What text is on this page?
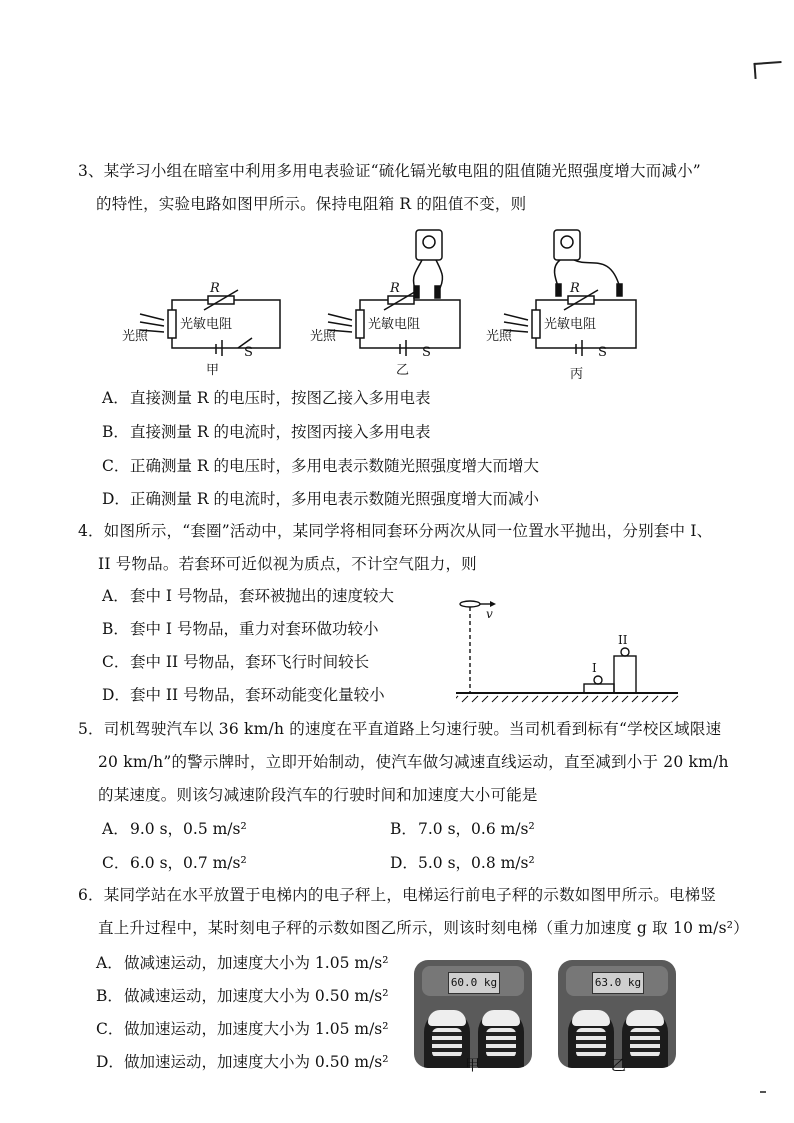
3、某学习小组在暗室中利用多用电表验证“硫化镉光敏电阻的阻值随光照强度增大而减小”
的特性，实验电路如图甲所示。保持电阻箱 R 的阻值不变，则
光照
光敏电阻
R
S
甲
光照
光敏电阻
R
S
乙
光照
光敏电阻
R
S
丙
A．直接测量 R 的电压时，按图乙接入多用电表
B．直接测量 R 的电流时，按图丙接入多用电表
C．正确测量 R 的电压时，多用电表示数随光照强度增大而增大
D．正确测量 R 的电流时，多用电表示数随光照强度增大而减小
4．如图所示，“套圈”活动中，某同学将相同套环分两次从同一位置水平抛出，分别套中 I、
II 号物品。若套环可近似视为质点，不计空气阻力，则
A．套中 I 号物品，套环被抛出的速度较大
B．套中 I 号物品，重力对套环做功较小
C．套中 II 号物品，套环飞行时间较长
D．套中 II 号物品，套环动能变化量较小
v
I
II
5．司机驾驶汽车以 36 km/h 的速度在平直道路上匀速行驶。当司机看到标有“学校区域限速
20 km/h”的警示牌时，立即开始制动，使汽车做匀减速直线运动，直至减到小于 20 km/h
的某速度。则该匀减速阶段汽车的行驶时间和加速度大小可能是
A．9.0 s，0.5 m/s²	B．7.0 s，0.6 m/s²
C．6.0 s，0.7 m/s²	D．5.0 s，0.8 m/s²
6．某同学站在水平放置于电梯内的电子秤上，电梯运行前电子秤的示数如图甲所示。电梯竖
直上升过程中，某时刻电子秤的示数如图乙所示，则该时刻电梯（重力加速度 g 取 10 m/s²）
A．做减速运动，加速度大小为 1.05 m/s²
B．做减速运动，加速度大小为 0.50 m/s²
C．做加速运动，加速度大小为 1.05 m/s²
D．做加速运动，加速度大小为 0.50 m/s²
60.0 kg
甲
63.0 kg
乙
